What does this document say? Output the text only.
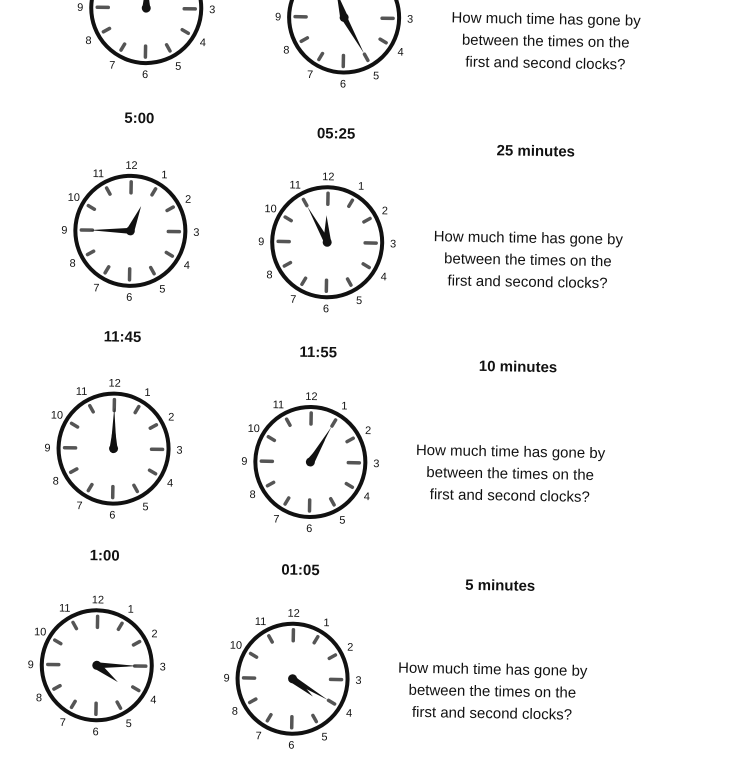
3
4
5
6
7
8
9
3
4
5
6
7
8
9	How much time has gone by
between the times on the
first and second clocks?
5:00
05:25
25 minutes
12
1
2
3
4
5
6
7
8
9
10
11	12
1
2
3
4
5
6
7
8
9
10
11
How much time has gone by
between the times on the
first and second clocks?
11:45
11:55
10 minutes
12
1
2
3
4
5
6
7
8
9
10
11	12
1
2
3
4
5
6
7
8
9
10
11
How much time has gone by
between the times on the
first and second clocks?
1:00
01:05
5 minutes
12
1
2
3
4
5
6
7
8
9
10
11	12
1
2
3
4
5
6
7
8
9
10
11
How much time has gone by
between the times on the
first and second clocks?
